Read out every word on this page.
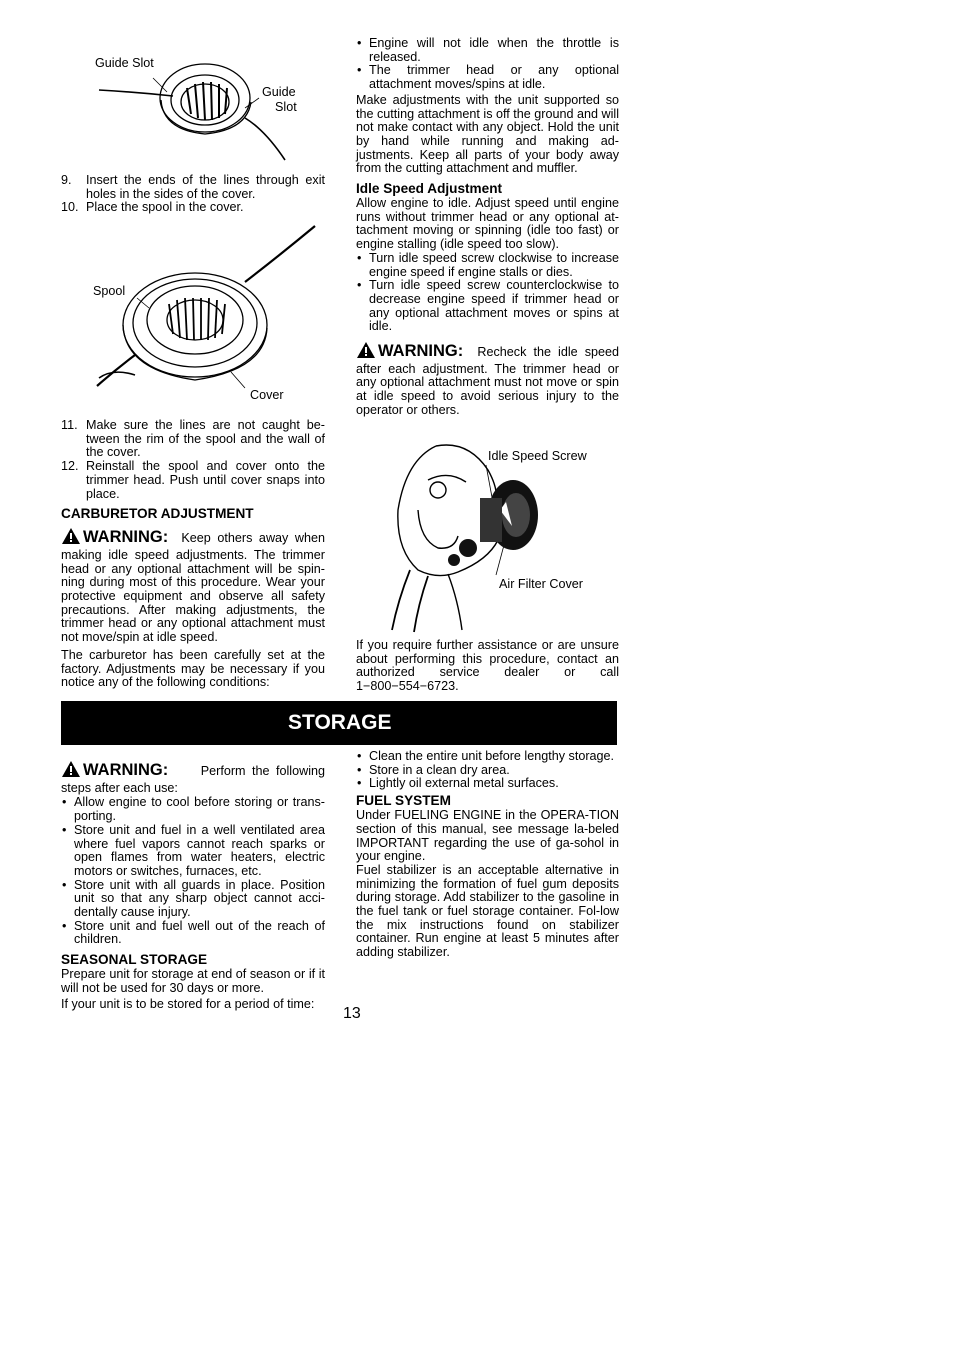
Guide Slot
Guide
Slot
9. Insert the ends of the lines through exit holes in the sides of the cover.
10. Place the spool in the cover.
Spool
Cover
11. Make sure the lines are not caught be-tween the rim of the spool and the wall of the cover.
12. Reinstall the spool and cover onto the trimmer head. Push until cover snaps into place.
CARBURETOR ADJUSTMENT

WARNING: Keep others away when making idle speed adjustments. The trimmer head or any optional attachment will be spin-ning during most of this procedure. Wear your protective equipment and observe all safety precautions. After making adjustments, the trimmer head or any optional attachment must not move/spin at idle speed.

The carburetor has been carefully set at the factory. Adjustments may be necessary if you notice any of the following conditions:

• Engine will not idle when the throttle is released.
• The trimmer head or any optional attachment moves/spins at idle.

Make adjustments with the unit supported so the cutting attachment is off the ground and will not make contact with any object. Hold the unit by hand while running and making ad-justments. Keep all parts of your body away from the cutting attachment and muffler.

Idle Speed Adjustment

Allow engine to idle. Adjust speed until engine runs without trimmer head or any optional at-tachment moving or spinning (idle too fast) or engine stalling (idle speed too slow).

• Turn idle speed screw clockwise to increase engine speed if engine stalls or dies.
• Turn idle speed screw counterclockwise to decrease engine speed if trimmer head or any optional attachment moves or spins at idle.

WARNING: Recheck the idle speed after each adjustment. The trimmer head or any optional attachment must not move or spin at idle speed to avoid serious injury to the operator or others.

Idle Speed Screw
Air Filter Cover

If you require further assistance or are unsure about performing this procedure, contact an authorized service dealer or call 1−800−554−6723.

STORAGE

WARNING:	Perform the following steps after each use:

• Allow engine to cool before storing or trans-porting.
• Store unit and fuel in a well ventilated area where fuel vapors cannot reach sparks or open flames from water heaters, electric motors or switches, furnaces, etc.
• Store unit with all guards in place. Position unit so that any sharp object cannot acci-dentally cause injury.
• Store unit and fuel well out of the reach of children.
SEASONAL STORAGE

Prepare unit for storage at end of season or if it will not be used for 30 days or more.

If your unit is to be stored for a period of time:

• Clean the entire unit before lengthy storage.
• Store in a clean dry area.
• Lightly oil external metal surfaces.
FUEL SYSTEM

Under FUELING ENGINE in the OPERA-TION section of this manual, see message la-beled IMPORTANT regarding the use of ga-sohol in your engine.

Fuel stabilizer is an acceptable alternative in minimizing the formation of fuel gum deposits during storage. Add stabilizer to the gasoline in the fuel tank or fuel storage container. Fol-low the mix instructions found on stabilizer container. Run engine at least 5 minutes after adding stabilizer.

13
